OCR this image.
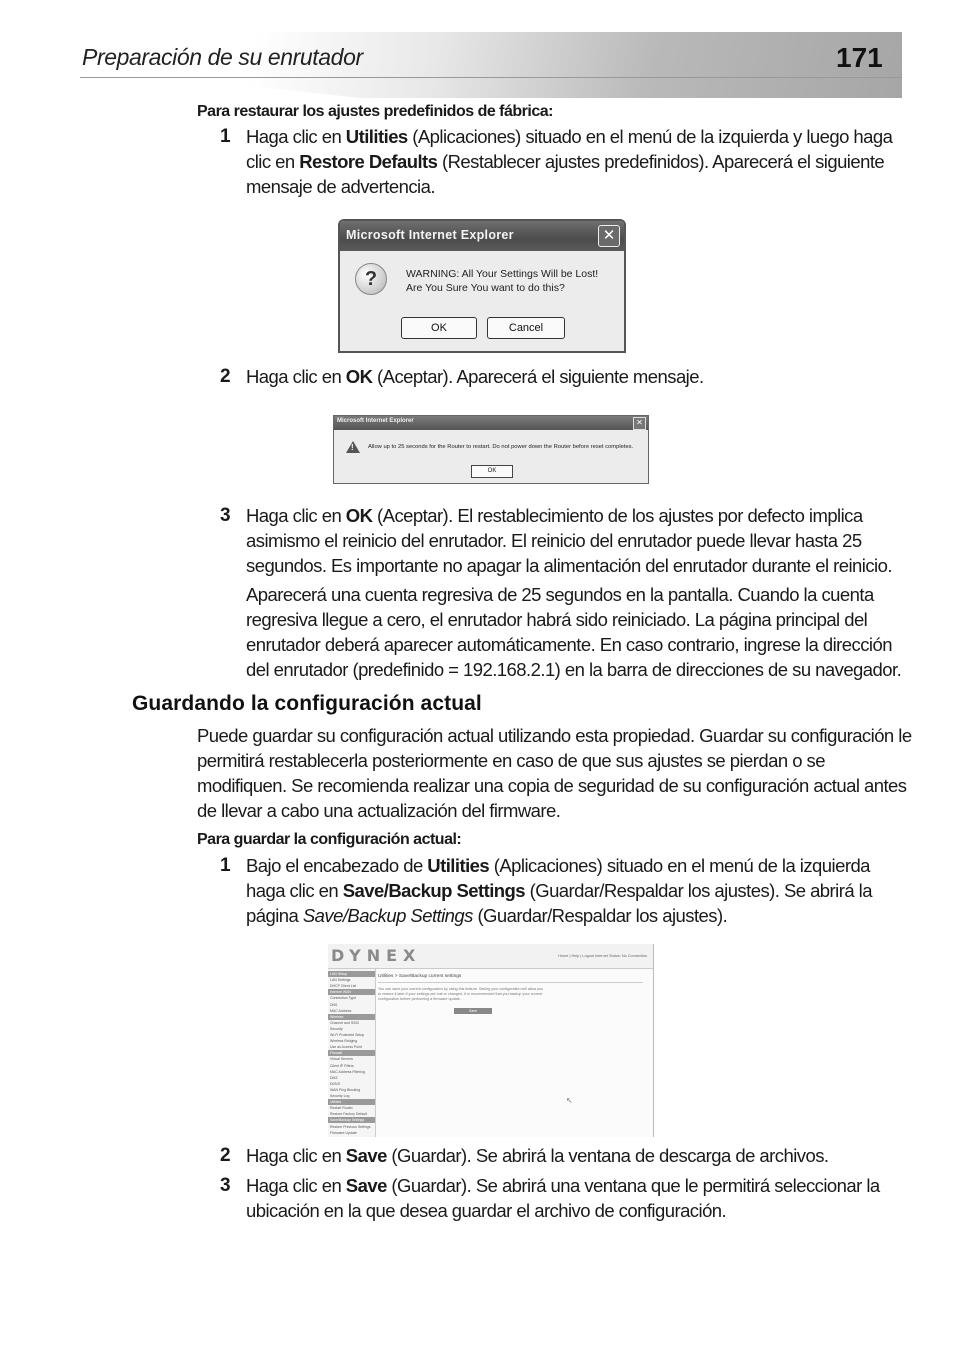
Preparación de su enrutador	171
Para restaurar los ajustes predefinidos de fábrica:
1 Haga clic en Utilities (Aplicaciones) situado en el menú de la izquierda y luego haga
clic en Restore Defaults (Restablecer ajustes predefinidos). Aparecerá el siguiente
mensaje de advertencia.
Microsoft Internet Explorer	✕
?	WARNING: All Your Settings Will be Lost!
Are You Sure You want to do this?
OK	Cancel
2 Haga clic en OK (Aceptar). Aparecerá el siguiente mensaje.
Microsoft Internet Explorer	✕
! Allow up to 25 seconds for the Router to restart. Do not power down the Router before reset completes.
OK
3 Haga clic en OK (Aceptar). El restablecimiento de los ajustes por defecto implica
asimismo el reinicio del enrutador. El reinicio del enrutador puede llevar hasta 25
segundos. Es importante no apagar la alimentación del enrutador durante el reinicio.
Aparecerá una cuenta regresiva de 25 segundos en la pantalla. Cuando la cuenta
regresiva llegue a cero, el enrutador habrá sido reiniciado. La página principal del
enrutador deberá aparecer automáticamente. En caso contrario, ingrese la dirección
del enrutador (predefinido = 192.168.2.1) en la barra de direcciones de su navegador.
Guardando la configuración actual
Puede guardar su configuración actual utilizando esta propiedad. Guardar su configuración le
permitirá restablecerla posteriormente en caso de que sus ajustes se pierdan o se
modifiquen. Se recomienda realizar una copia de seguridad de su configuración actual antes
de llevar a cabo una actualización del firmware.
Para guardar la configuración actual:
1 Bajo el encabezado de Utilities (Aplicaciones) situado en el menú de la izquierda
haga clic en Save/Backup Settings (Guardar/Respaldar los ajustes). Se abrirá la
página Save/Backup Settings (Guardar/Respaldar los ajustes).
DYNEX	Home | Help | Logout Internet Status: No Connection
LAN Setup
LAN Settings
DHCP Client List
Internet WAN
Connection Type
DNS
MAC Address
Wireless
Channel and SSID
Security
Wi-Fi Protected Setup
Wireless Bridging
Use as Access Point
Firewall
Virtual Servers
Client IP Filters
MAC Address Filtering
DMZ
DDNS
WAN Ping Blocking
Security Log
Utilities
Restart Router
Restore Factory Default
Save/Backup Settings
Restore Previous Settings
Firmware Update
Utilities > Save/Backup current settings
You can save your current configuration by using this feature. Saving your configuration will allow you
to restore it later if your settings are lost or changed. It is recommended that you backup your current
configuration before performing a firmware update.
Save
↖
2 Haga clic en Save (Guardar). Se abrirá la ventana de descarga de archivos.
3 Haga clic en Save (Guardar). Se abrirá una ventana que le permitirá seleccionar la
ubicación en la que desea guardar el archivo de configuración.
